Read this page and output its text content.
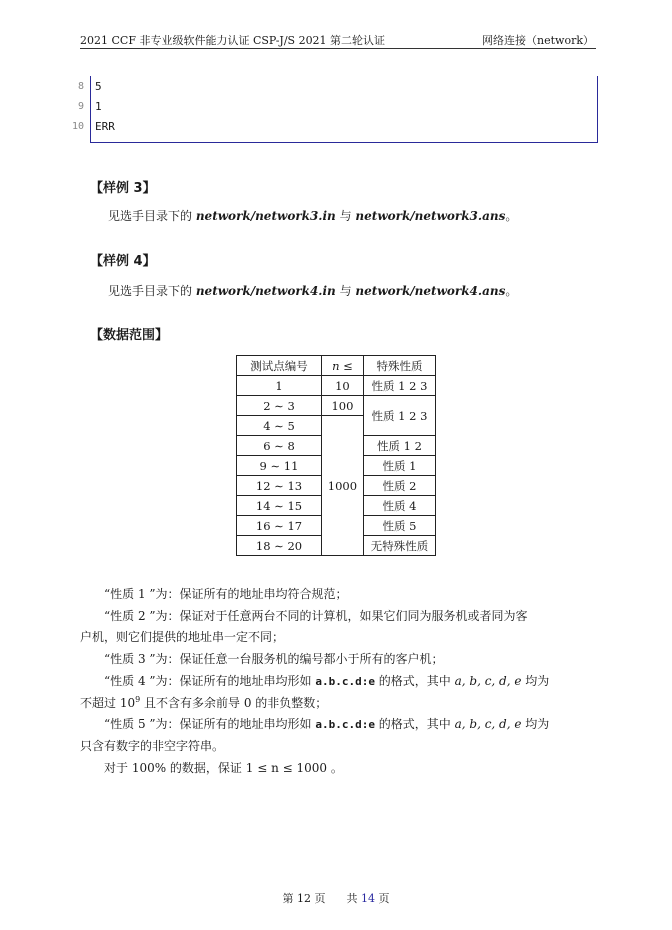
2021 CCF 非专业级软件能力认证 CSP-J/S 2021 第二轮认证	网络连接（network）
8
9
10
5
1
ERR
【样例 3】
见选手目录下的 network/network3.in 与 network/network3.ans。
【样例 4】
见选手目录下的 network/network4.in 与 network/network4.ans。
【数据范围】
测试点编号	n ≤	特殊性质
1	10	性质 1 2 3
2 ∼ 3	100	性质 1 2 3
4 ∼ 5	1000	
6 ∼ 8		性质 1 2
9 ∼ 11		性质 1
12 ∼ 13		性质 2
14 ∼ 15		性质 4
16 ∼ 17		性质 5
18 ∼ 20		无特殊性质
“性质 1 ”为：保证所有的地址串均符合规范；
“性质 2 ”为：保证对于任意两台不同的计算机，如果它们同为服务机或者同为客
户机，则它们提供的地址串一定不同；
“性质 3 ”为：保证任意一台服务机的编号都小于所有的客户机；
“性质 4 ”为：保证所有的地址串均形如 a.b.c.d:e 的格式，其中 a, b, c, d, e 均为
不超过 $10^9$ 且不含有多余前导 0 的非负整数；
“性质 5 ”为：保证所有的地址串均形如 a.b.c.d:e 的格式，其中 a, b, c, d, e 均为
只含有数字的非空字符串。
对于 100% 的数据，保证 1 ≤ n ≤ 1000 。
第 12 页 共 14 页
